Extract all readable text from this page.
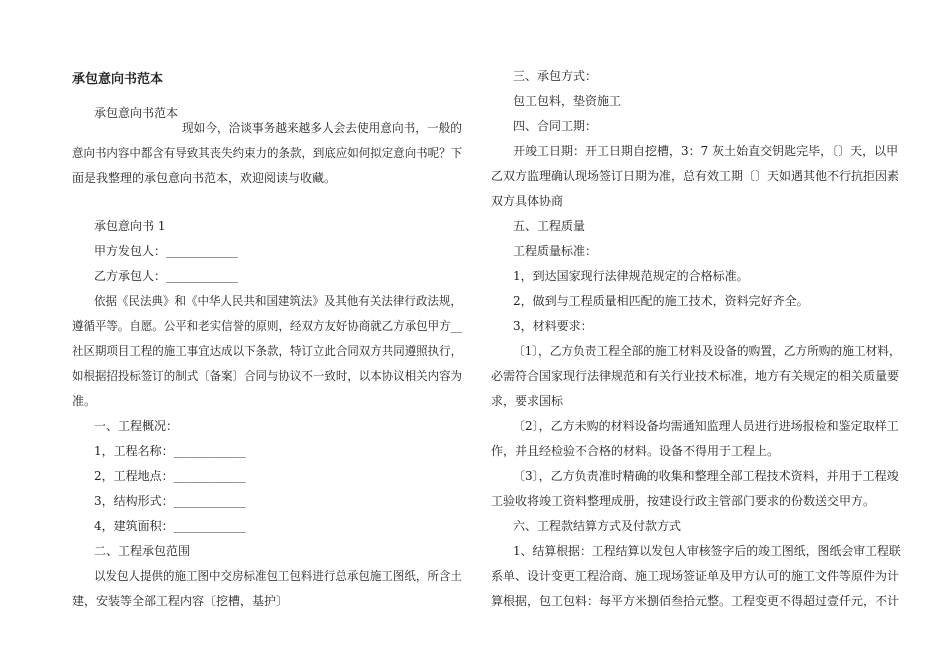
承包意向书范本
承包意向书范本
现如今，洽谈事务越来越多人会去使用意向书，一般的
意向书内容中都含有导致其丧失约束力的条款，到底应如何拟定意向书呢？下
面是我整理的承包意向书范本，欢迎阅读与收藏。
承包意向书 1
甲方发包人：____________
乙方承包人：____________
依据《民法典》和《中华人民共和国建筑法》及其他有关法律行政法规，
遵循平等。自愿。公平和老实信誉的原则，经双方友好协商就乙方承包甲方__
社区期项目工程的施工事宜达成以下条款，特订立此合同双方共同遵照执行，
如根据招投标签订的制式〔备案〕合同与协议不一致时，以本协议相关内容为
准。
一、工程概况：
1，工程名称：____________
2，工程地点：____________
3，结构形式：____________
4，建筑面积：____________
二、工程承包范围
以发包人提供的施工图中交房标准包工包料进行总承包施工图纸，所含土
建，安装等全部工程内容〔挖槽，基护〕
三、承包方式：
包工包料，垫资施工
四、合同工期：
开竣工日期：开工日期自挖槽，3：7 灰土始直交钥匙完毕，〔〕天，以甲
乙双方监理确认现场签订日期为准，总有效工期〔〕天如遇其他不行抗拒因素
双方具体协商
五、工程质量
工程质量标准：
1，到达国家现行法律规范规定的合格标准。
2，做到与工程质量相匹配的施工技术，资料完好齐全。
3，材料要求：
〔1〕，乙方负责工程全部的施工材料及设备的购置，乙方所购的施工材料，
必需符合国家现行法律规范和有关行业技术标准，地方有关规定的相关质量要
求，要求国标
〔2〕，乙方未购的材料设备均需通知监理人员进行进场报检和鉴定取样工
作，并且经检验不合格的材料。设备不得用于工程上。
〔3〕，乙方负责准时精确的收集和整理全部工程技术资料，并用于工程竣
工验收将竣工资料整理成册，按建设行政主管部门要求的份数送交甲方。
六、工程款结算方式及付款方式
1、结算根据：工程结算以发包人审核签字后的竣工图纸，图纸会审工程联
系单、设计变更工程洽商、施工现场签证单及甲方认可的施工文件等原件为计
算根据，包工包料：每平方米捌佰叁拾元整。工程变更不得超过壹仟元，不计
